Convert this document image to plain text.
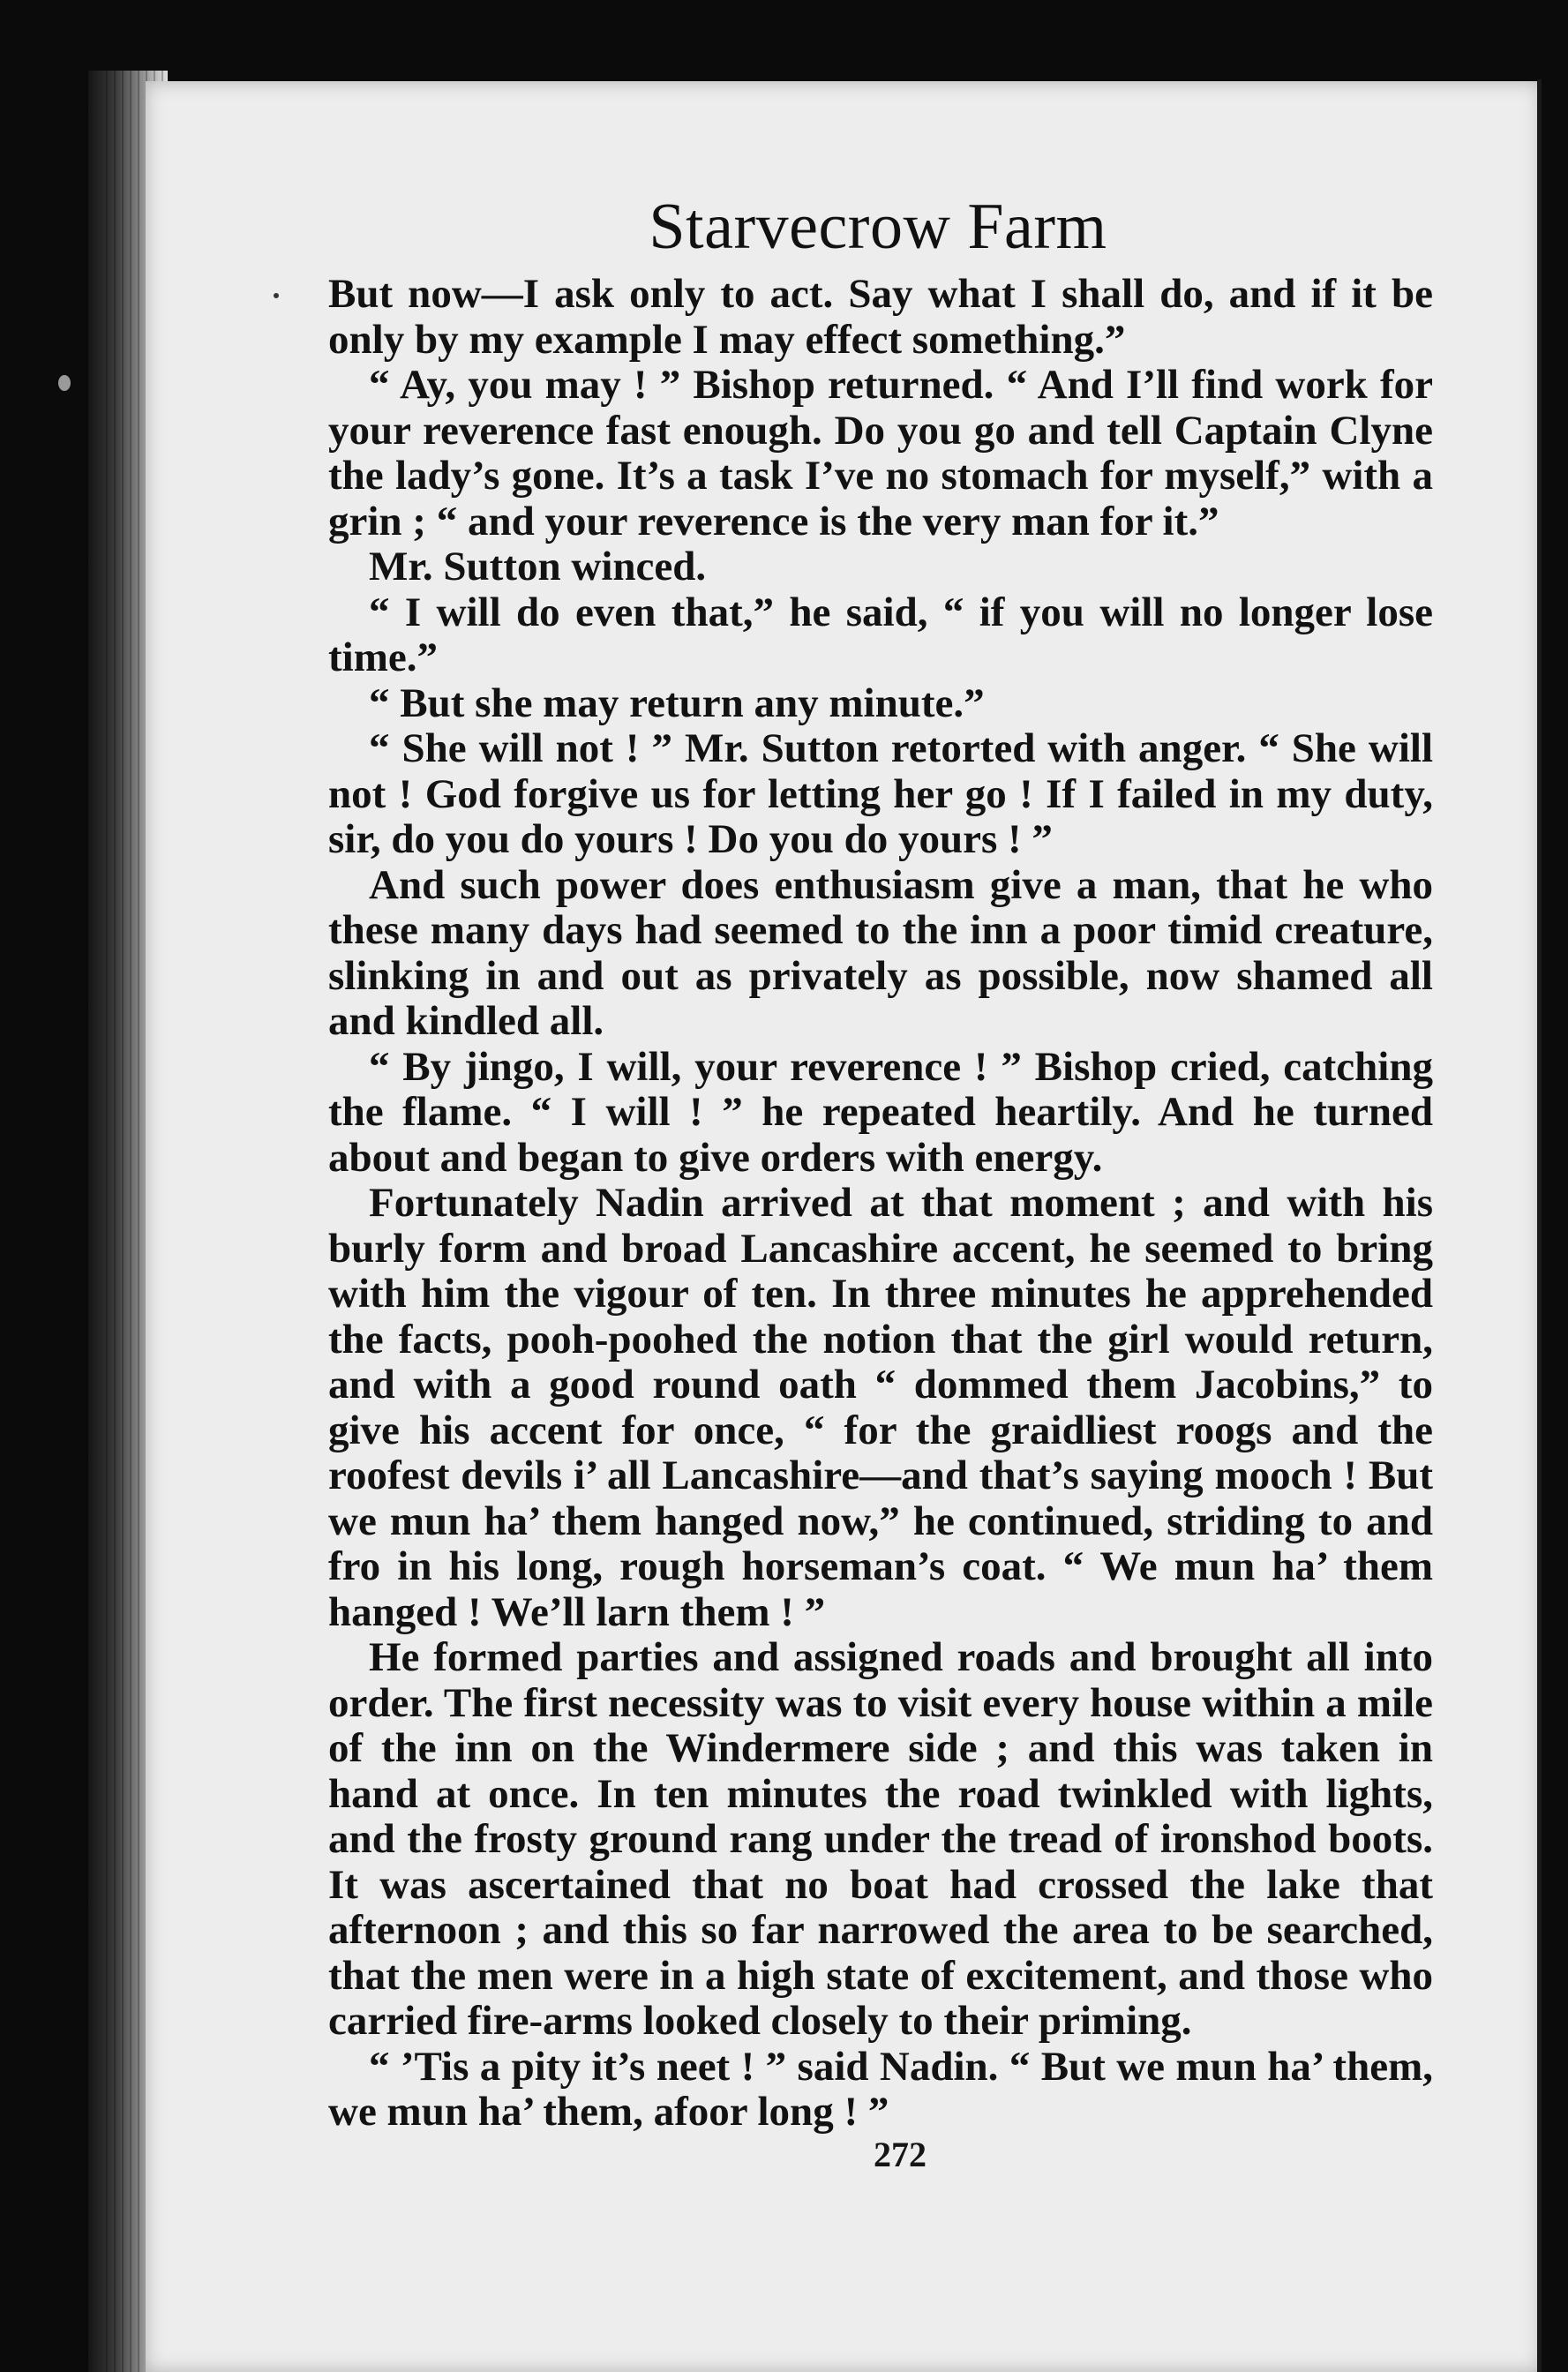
Starvecrow Farm

But now—I ask only to act. Say what I shall do, and if it be only by my example I may effect something.”

“ Ay, you may ! ” Bishop returned. “ And I’ll find work for your reverence fast enough. Do you go and tell Captain Clyne the lady’s gone. It’s a task I’ve no stomach for myself,” with a grin ; “ and your reverence is the very man for it.”

Mr. Sutton winced.

“ I will do even that,” he said, “ if you will no longer lose time.”

“ But she may return any minute.”

“ She will not ! ” Mr. Sutton retorted with anger. “ She will not ! God forgive us for letting her go ! If I failed in my duty, sir, do you do yours ! Do you do yours ! ”

And such power does enthusiasm give a man, that he who these many days had seemed to the inn a poor timid creature, slinking in and out as privately as possible, now shamed all and kindled all.

“ By jingo, I will, your reverence ! ” Bishop cried, catching the flame. “ I will ! ” he repeated heartily. And he turned about and began to give orders with energy.

Fortunately Nadin arrived at that moment ; and with his burly form and broad Lancashire accent, he seemed to bring with him the vigour of ten. In three minutes he apprehended the facts, pooh-poohed the notion that the girl would return, and with a good round oath “ dommed them Jacobins,” to give his accent for once, “ for the graidliest roogs and the roofest devils i’ all Lancashire—and that’s saying mooch ! But we mun ha’ them hanged now,” he continued, striding to and fro in his long, rough horseman’s coat. “ We mun ha’ them hanged ! We’ll larn them ! ”

He formed parties and assigned roads and brought all into order. The first necessity was to visit every house within a mile of the inn on the Windermere side ; and this was taken in hand at once. In ten minutes the road twinkled with lights, and the frosty ground rang under the tread of ironshod boots. It was ascertained that no boat had crossed the lake that afternoon ; and this so far narrowed the area to be searched, that the men were in a high state of excitement, and those who carried fire-arms looked closely to their priming.

“ ’Tis a pity it’s neet ! ” said Nadin. “ But we mun ha’ them, we mun ha’ them, afoor long ! ”

272
